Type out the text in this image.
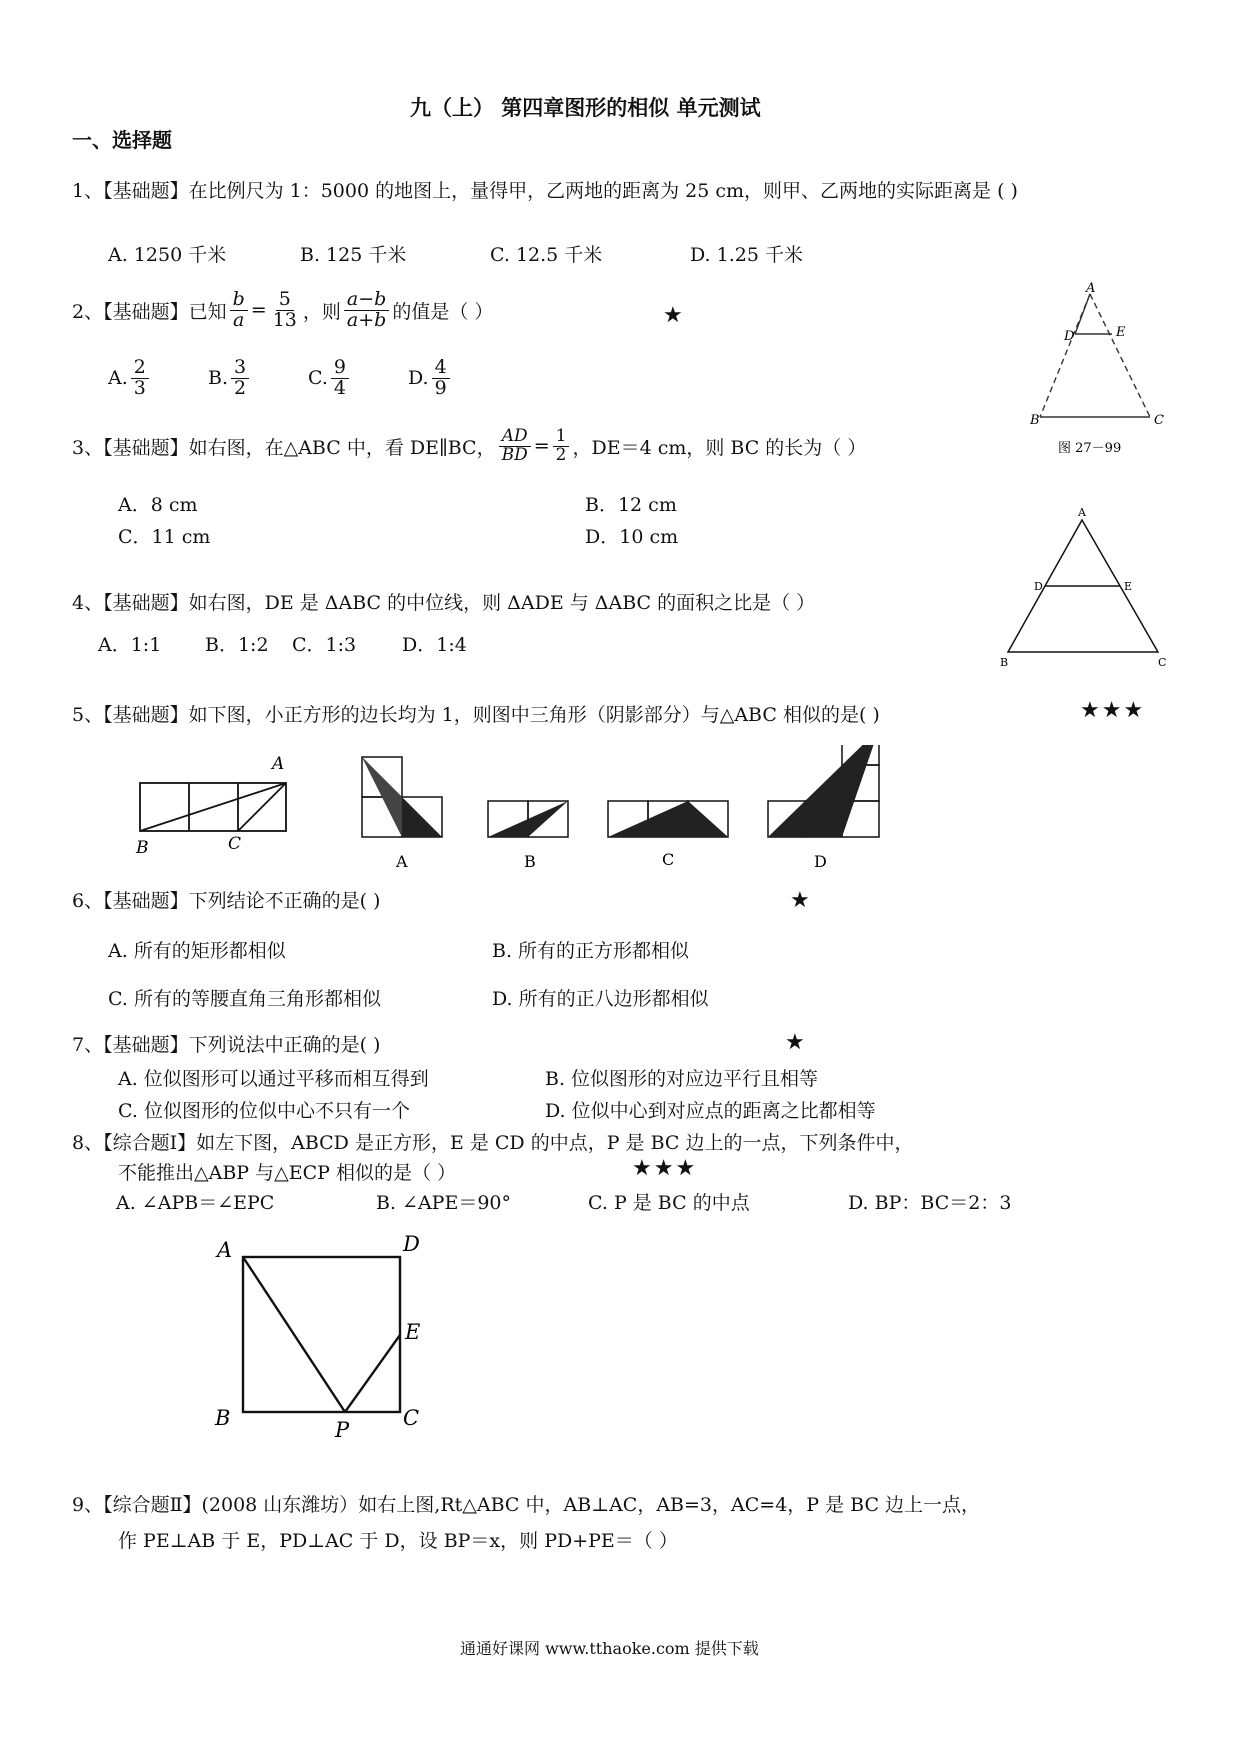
九（上） 第四章图形的相似 单元测试
一、选择题
1、【基础题】在比例尺为 1：5000 的地图上，量得甲，乙两地的距离为 25 cm，则甲、乙两地的实际距离是 ( )
A. 1250 千米	B. 125 千米	C. 12.5 千米	D. 1.25 千米
2、【基础题】已知 $\frac{b}{a} = \frac{5}{13}$ ，则 $\frac{a-b}{a+b}$ 的值是（ ）	★
A. $\frac{2}{3}$	B. $\frac{3}{2}$	C. $\frac{9}{4}$	D. $\frac{4}{9}$
A
D	E
B	C
图 27－99
3、【基础题】如右图，在△ABC 中，看 DE∥BC， $\frac{AD}{BD} = \frac{1}{2}$ ，DE＝4 cm，则 BC 的长为（ ）
A．8 cm	B．12 cm
C．11 cm	D．10 cm
A
D	E
B	C
4、【基础题】如右图，DE 是 ΔABC 的中位线，则 ΔADE 与 ΔABC 的面积之比是（ ）
A．1:1 B．1:2 C．1:3 D．1:4
5、【基础题】如下图，小正方形的边长均为 1，则图中三角形（阴影部分）与△ABC 相似的是( )	★★★
A
B	C
A	B	C	D
6、【基础题】下列结论不正确的是( )	★
A. 所有的矩形都相似	B. 所有的正方形都相似
C. 所有的等腰直角三角形都相似	D. 所有的正八边形都相似
7、【基础题】下列说法中正确的是( )	★
A. 位似图形可以通过平移而相互得到	B. 位似图形的对应边平行且相等
C. 位似图形的位似中心不只有一个	D. 位似中心到对应点的距离之比都相等
8、【综合题Ⅰ】如左下图，ABCD 是正方形，E 是 CD 的中点，P 是 BC 边上的一点，下列条件中，
不能推出△ABP 与△ECP 相似的是（ ）	★★★
A. ∠APB＝∠EPC	B. ∠APE＝90°	C. P 是 BC 的中点	D. BP：BC＝2：3
A	D
E
B	P	C
9、【综合题Ⅱ】(2008 山东潍坊）如右上图,Rt△ABC 中，AB⊥AC，AB=3，AC=4，P 是 BC 边上一点，
作 PE⊥AB 于 E，PD⊥AC 于 D，设 BP＝x，则 PD+PE＝（ ）
通通好课网 www.tthaoke.com 提供下载
